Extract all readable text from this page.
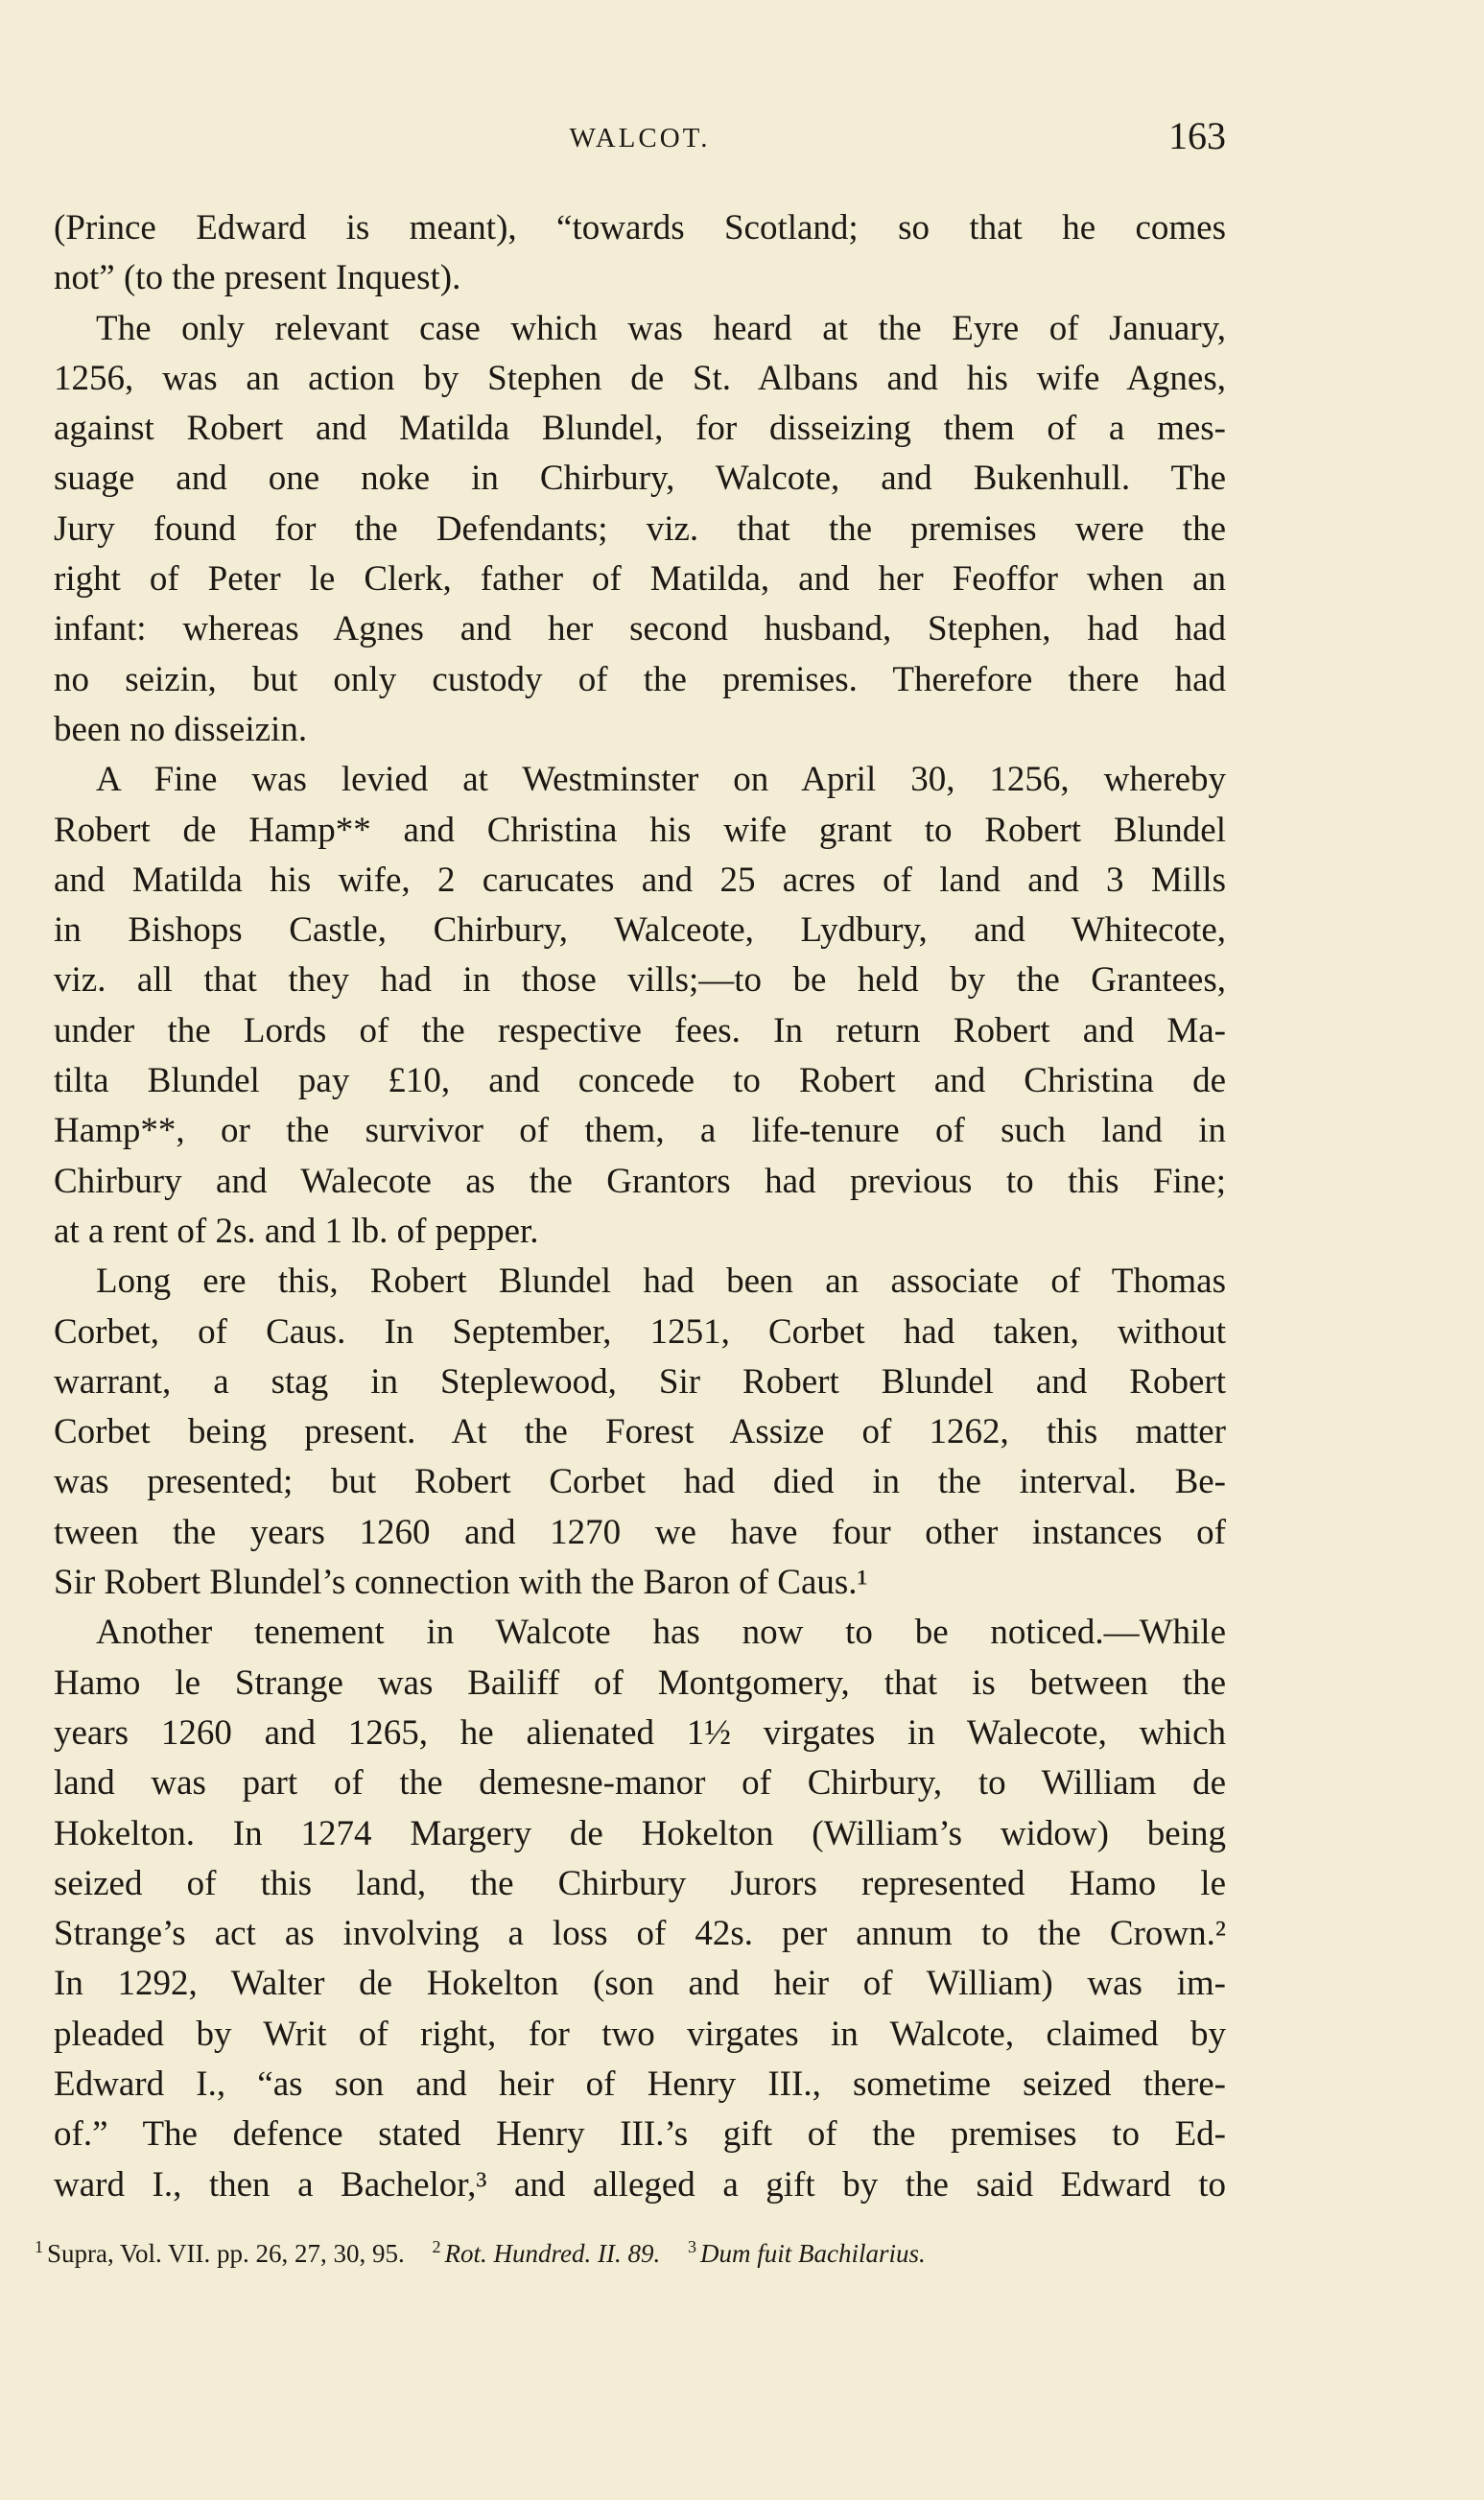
WALCOT.	163
(Prince Edward is meant), “towards Scotland; so that he comes
not” (to the present Inquest).
The only relevant case which was heard at the Eyre of January,
1256, was an action by Stephen de St. Albans and his wife Agnes,
against Robert and Matilda Blundel, for disseizing them of a mes-
suage and one noke in Chirbury, Walcote, and Bukenhull. The
Jury found for the Defendants; viz. that the premises were the
right of Peter le Clerk, father of Matilda, and her Feoffor when an
infant: whereas Agnes and her second husband, Stephen, had had
no seizin, but only custody of the premises. Therefore there had
been no disseizin.
A Fine was levied at Westminster on April 30, 1256, whereby
Robert de Hamp** and Christina his wife grant to Robert Blundel
and Matilda his wife, 2 carucates and 25 acres of land and 3 Mills
in Bishops Castle, Chirbury, Walceote, Lydbury, and Whitecote,
viz. all that they had in those vills;—to be held by the Grantees,
under the Lords of the respective fees. In return Robert and Ma-
tilta Blundel pay £10, and concede to Robert and Christina de
Hamp**, or the survivor of them, a life-tenure of such land in
Chirbury and Walecote as the Grantors had previous to this Fine;
at a rent of 2s. and 1 lb. of pepper.
Long ere this, Robert Blundel had been an associate of Thomas
Corbet, of Caus. In September, 1251, Corbet had taken, without
warrant, a stag in Steplewood, Sir Robert Blundel and Robert
Corbet being present. At the Forest Assize of 1262, this matter
was presented; but Robert Corbet had died in the interval. Be-
tween the years 1260 and 1270 we have four other instances of
Sir Robert Blundel’s connection with the Baron of Caus.¹
Another tenement in Walcote has now to be noticed.—While
Hamo le Strange was Bailiff of Montgomery, that is between the
years 1260 and 1265, he alienated 1½ virgates in Walecote, which
land was part of the demesne-manor of Chirbury, to William de
Hokelton. In 1274 Margery de Hokelton (William’s widow) being
seized of this land, the Chirbury Jurors represented Hamo le
Strange’s act as involving a loss of 42s. per annum to the Crown.²
In 1292, Walter de Hokelton (son and heir of William) was im-
pleaded by Writ of right, for two virgates in Walcote, claimed by
Edward I., “as son and heir of Henry III., sometime seized there-
of.” The defence stated Henry III.’s gift of the premises to Ed-
ward I., then a Bachelor,³ and alleged a gift by the said Edward to
$^1$ Supra, Vol. VII. pp. 26, 27, 30, 95. $^2$ Rot. Hundred. II. 89. $^3$ Dum fuit Bachilarius.
